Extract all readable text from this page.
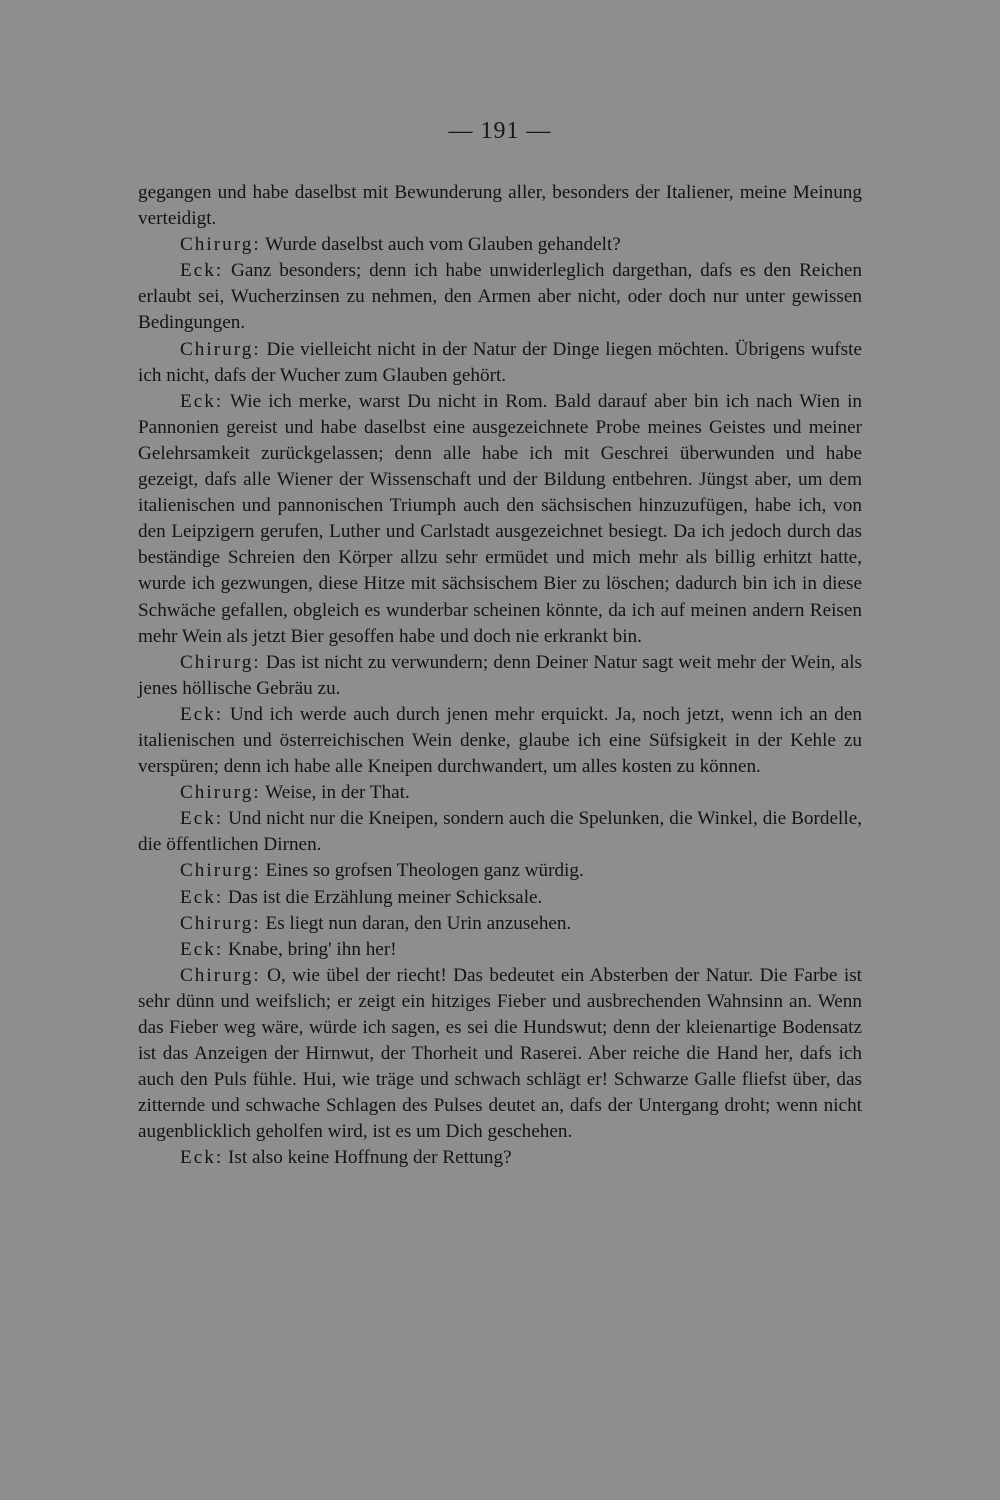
— 191 —

gegangen und habe daselbst mit Bewunderung aller, besonders der Italiener, meine Meinung verteidigt.

Chirurg: Wurde daselbst auch vom Glauben gehandelt?

Eck: Ganz besonders; denn ich habe unwiderleglich dargethan, dafs es den Reichen erlaubt sei, Wucherzinsen zu nehmen, den Armen aber nicht, oder doch nur unter gewissen Bedingungen.

Chirurg: Die vielleicht nicht in der Natur der Dinge liegen möchten. Übrigens wufste ich nicht, dafs der Wucher zum Glauben gehört.

Eck: Wie ich merke, warst Du nicht in Rom. Bald darauf aber bin ich nach Wien in Pannonien gereist und habe daselbst eine ausgezeichnete Probe meines Geistes und meiner Gelehrsamkeit zurückgelassen; denn alle habe ich mit Geschrei überwunden und habe gezeigt, dafs alle Wiener der Wissenschaft und der Bildung entbehren. Jüngst aber, um dem italienischen und pannonischen Triumph auch den sächsischen hinzuzufügen, habe ich, von den Leipzigern gerufen, Luther und Carlstadt ausgezeichnet besiegt. Da ich jedoch durch das beständige Schreien den Körper allzu sehr ermüdet und mich mehr als billig erhitzt hatte, wurde ich gezwungen, diese Hitze mit sächsischem Bier zu löschen; dadurch bin ich in diese Schwäche gefallen, obgleich es wunderbar scheinen könnte, da ich auf meinen andern Reisen mehr Wein als jetzt Bier gesoffen habe und doch nie erkrankt bin.

Chirurg: Das ist nicht zu verwundern; denn Deiner Natur sagt weit mehr der Wein, als jenes höllische Gebräu zu.

Eck: Und ich werde auch durch jenen mehr erquickt. Ja, noch jetzt, wenn ich an den italienischen und österreichischen Wein denke, glaube ich eine Süfsigkeit in der Kehle zu verspüren; denn ich habe alle Kneipen durchwandert, um alles kosten zu können.

Chirurg: Weise, in der That.

Eck: Und nicht nur die Kneipen, sondern auch die Spelunken, die Winkel, die Bordelle, die öffentlichen Dirnen.

Chirurg: Eines so grofsen Theologen ganz würdig.

Eck: Das ist die Erzählung meiner Schicksale.

Chirurg: Es liegt nun daran, den Urin anzusehen.

Eck: Knabe, bring' ihn her!

Chirurg: O, wie übel der riecht! Das bedeutet ein Absterben der Natur. Die Farbe ist sehr dünn und weifslich; er zeigt ein hitziges Fieber und ausbrechenden Wahnsinn an. Wenn das Fieber weg wäre, würde ich sagen, es sei die Hundswut; denn der kleienartige Bodensatz ist das Anzeigen der Hirnwut, der Thorheit und Raserei. Aber reiche die Hand her, dafs ich auch den Puls fühle. Hui, wie träge und schwach schlägt er! Schwarze Galle fliefst über, das zitternde und schwache Schlagen des Pulses deutet an, dafs der Untergang droht; wenn nicht augenblicklich geholfen wird, ist es um Dich geschehen.

Eck: Ist also keine Hoffnung der Rettung?
